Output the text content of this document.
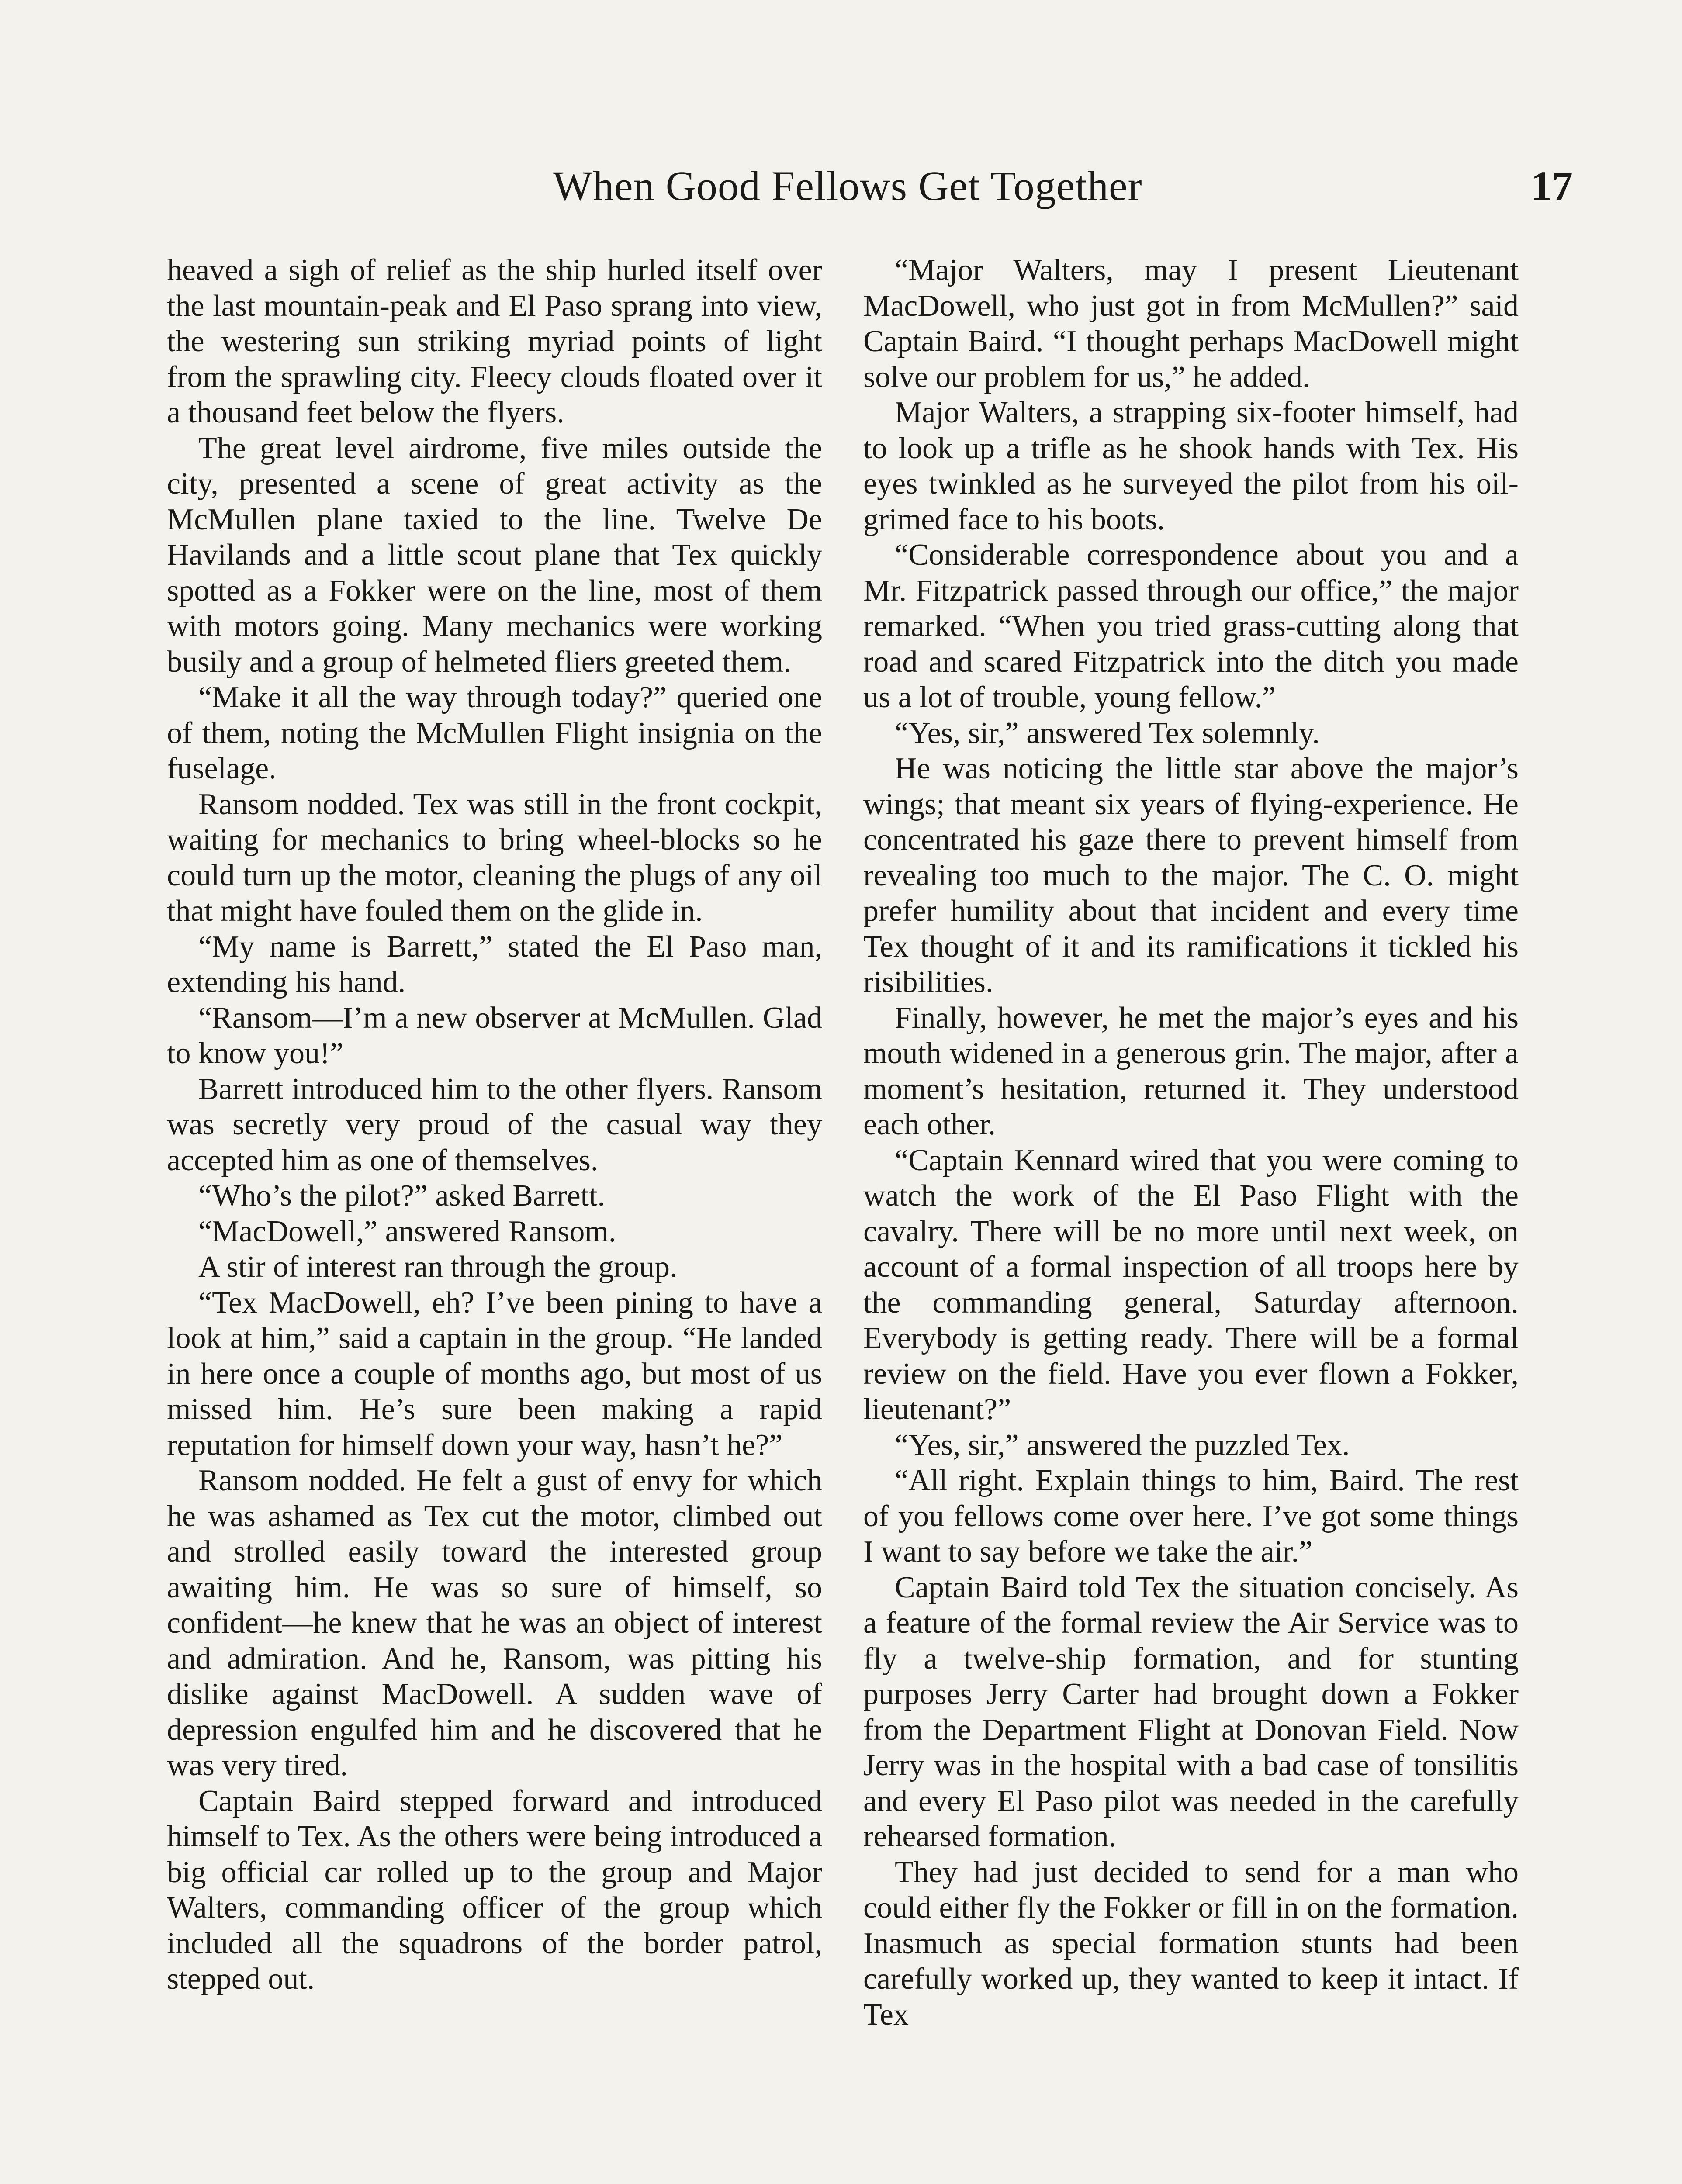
When Good Fellows Get Together	17

heaved a sigh of relief as the ship hurled itself over the last mountain-peak and El Paso sprang into view, the westering sun striking myriad points of light from the sprawling city. Fleecy clouds floated over it a thousand feet below the flyers.

The great level airdrome, five miles outside the city, presented a scene of great activity as the McMullen plane taxied to the line. Twelve De Havilands and a little scout plane that Tex quickly spotted as a Fokker were on the line, most of them with motors going. Many mechanics were working busily and a group of helmeted fliers greeted them.

“Make it all the way through today?” queried one of them, noting the McMullen Flight insignia on the fuselage.

Ransom nodded. Tex was still in the front cockpit, waiting for mechanics to bring wheel-blocks so he could turn up the motor, cleaning the plugs of any oil that might have fouled them on the glide in.

“My name is Barrett,” stated the El Paso man, extending his hand.

“Ransom—I’m a new observer at McMullen. Glad to know you!”

Barrett introduced him to the other flyers. Ransom was secretly very proud of the casual way they accepted him as one of themselves.

“Who’s the pilot?” asked Barrett.

“MacDowell,” answered Ransom.

A stir of interest ran through the group.

“Tex MacDowell, eh? I’ve been pining to have a look at him,” said a captain in the group. “He landed in here once a couple of months ago, but most of us missed him. He’s sure been making a rapid reputation for himself down your way, hasn’t he?”

Ransom nodded. He felt a gust of envy for which he was ashamed as Tex cut the motor, climbed out and strolled easily toward the interested group awaiting him. He was so sure of himself, so confident—he knew that he was an object of interest and admiration. And he, Ransom, was pitting his dislike against MacDowell. A sudden wave of depression engulfed him and he discovered that he was very tired.

Captain Baird stepped forward and introduced himself to Tex. As the others were being introduced a big official car rolled up to the group and Major Walters, commanding officer of the group which included all the squadrons of the border patrol, stepped out.

“Major Walters, may I present Lieutenant MacDowell, who just got in from McMullen?” said Captain Baird. “I thought perhaps MacDowell might solve our problem for us,” he added.

Major Walters, a strapping six-footer himself, had to look up a trifle as he shook hands with Tex. His eyes twinkled as he surveyed the pilot from his oil-grimed face to his boots.

“Considerable correspondence about you and a Mr. Fitzpatrick passed through our office,” the major remarked. “When you tried grass-cutting along that road and scared Fitzpatrick into the ditch you made us a lot of trouble, young fellow.”

“Yes, sir,” answered Tex solemnly.

He was noticing the little star above the major’s wings; that meant six years of flying-experience. He concentrated his gaze there to prevent himself from revealing too much to the major. The C. O. might prefer humility about that incident and every time Tex thought of it and its ramifications it tickled his risibilities.

Finally, however, he met the major’s eyes and his mouth widened in a generous grin. The major, after a moment’s hesitation, returned it. They understood each other.

“Captain Kennard wired that you were coming to watch the work of the El Paso Flight with the cavalry. There will be no more until next week, on account of a formal inspection of all troops here by the commanding general, Saturday afternoon. Everybody is getting ready. There will be a formal review on the field. Have you ever flown a Fokker, lieutenant?”

“Yes, sir,” answered the puzzled Tex.

“All right. Explain things to him, Baird. The rest of you fellows come over here. I’ve got some things I want to say before we take the air.”

Captain Baird told Tex the situation concisely. As a feature of the formal review the Air Service was to fly a twelve-ship formation, and for stunting purposes Jerry Carter had brought down a Fokker from the Department Flight at Donovan Field. Now Jerry was in the hospital with a bad case of tonsilitis and every El Paso pilot was needed in the carefully rehearsed formation.

They had just decided to send for a man who could either fly the Fokker or fill in on the formation. Inasmuch as special formation stunts had been carefully worked up, they wanted to keep it intact. If Tex
